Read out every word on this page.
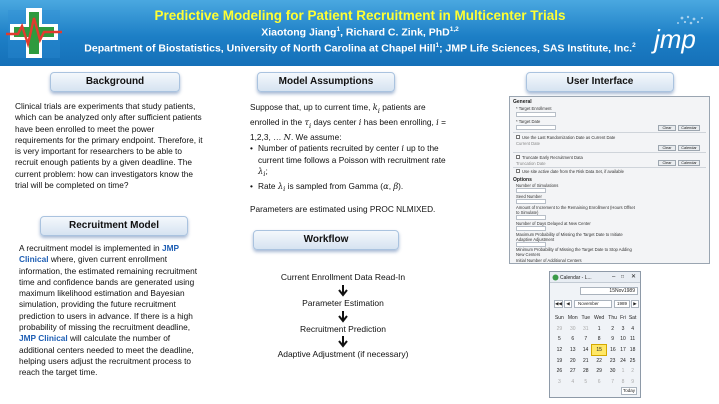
Predictive Modeling for Patient Recruitment in Multicenter Trials
Xiaotong Jiang$^1$, Richard C. Zink, PhD$^{1,2}$
Department of Biostatistics, University of North Carolina at Chapel Hill$^1$; JMP Life Sciences, SAS Institute, Inc.$^2$ jmp
Background
Clinical trials are experiments that study patients, which can be analyzed only after sufficient patients have been enrolled to meet the power requirements for the primary endpoint. Therefore, it is very important for researchers to be able to recruit enough patients by a given deadline. The current problem: how can investigators know the trial will be completed on time?
Recruitment Model
A recruitment model is implemented in JMP Clinical where, given current enrollment information, the estimated remaining recruitment time and confidence bands are generated using maximum likelihood estimation and Bayesian simulation, providing the future recruitment prediction to users in advance. If there is a high probability of missing the recruitment deadline, JMP Clinical will calculate the number of additional centers needed to meet the deadline, helping users adjust the recruitment process to reach the target time.
Model Assumptions
Suppose that, up to current time, $k_i$ patients are enrolled in the $\tau_i$ days center i has been enrolling, i = 1,2,3, … N. We assume:
• Number of patients recruited by center i up to the current time follows a Poisson with recruitment rate $\lambda_i$;
• Rate $\lambda_i$ is sampled from Gamma (α, β).
Parameters are estimated using PROC NLMIXED.
Workflow
Current Enrollment Data Read-In
Parameter Estimation
Recruitment Prediction
Adaptive Adjustment (if necessary)
User Interface
General
* Target Enrollment
* Target Date
Clear	Calendar
Use the Last Randomization Date as Current Date
Current Date
Clear	Calendar
Truncate Early Recruitment Data
Truncation Date	Clear	Calendar
Use site active date from the Risk Data Set, if available
Options
Number of Simulations
Seed Number
Amount of Increment to the Remaining Enrollment (Hours Offset to Simulate)
Number of Days Delayed at New Center
Maximum Probability of Missing the Target Date to Initiate Adaptive Adjustment
Minimum Probability of Missing the Target Date to Stop Adding New Centers
Initial Number of Additional Centers
Calendar - L...	– □ ✕
15Nov1989
◀◀ ◀	November	1989	▶
Sun	Mon	Tue	Wed	Thu	Fri	Sat
29	30	31	1	2	3	4
5	6	7	8	9	10	11
12	13	14	15	16	17	18
19	20	21	22	23	24	25
26	27	28	29	30	1	2
3	4	5	6	7	8	9
Today
